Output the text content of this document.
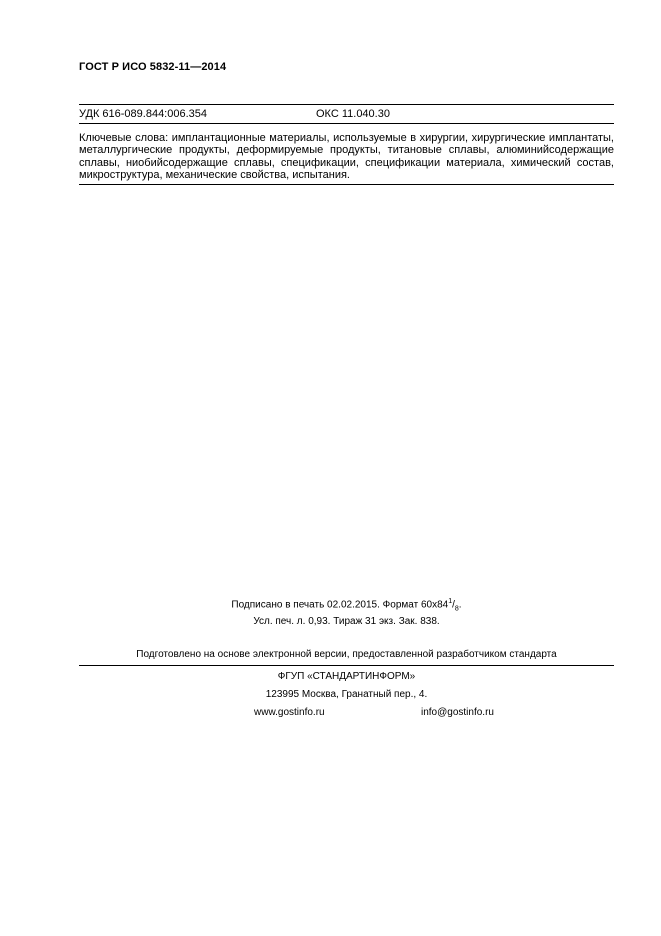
ГОСТ Р ИСО 5832-11—2014
УДК 616-089.844:006.354	ОКС 11.040.30
Ключевые слова: имплантационные материалы, используемые в хирургии, хирургические имплантаты, металлургические продукты, деформируемые продукты, титановые сплавы, алюминийсодержащие сплавы, ниобийсодержащие сплавы, спецификации, спецификации материала, химический состав, микроструктура, механические свойства, испытания.
Подписано в печать 02.02.2015. Формат $60x84^1/_8$.
Усл. печ. л. 0,93. Тираж 31 экз. Зак. 838.
Подготовлено на основе электронной версии, предоставленной разработчиком стандарта
ФГУП «СТАНДАРТИНФОРМ»
123995 Москва, Гранатный пер., 4.
www.gostinfo.ru	info@gostinfo.ru
